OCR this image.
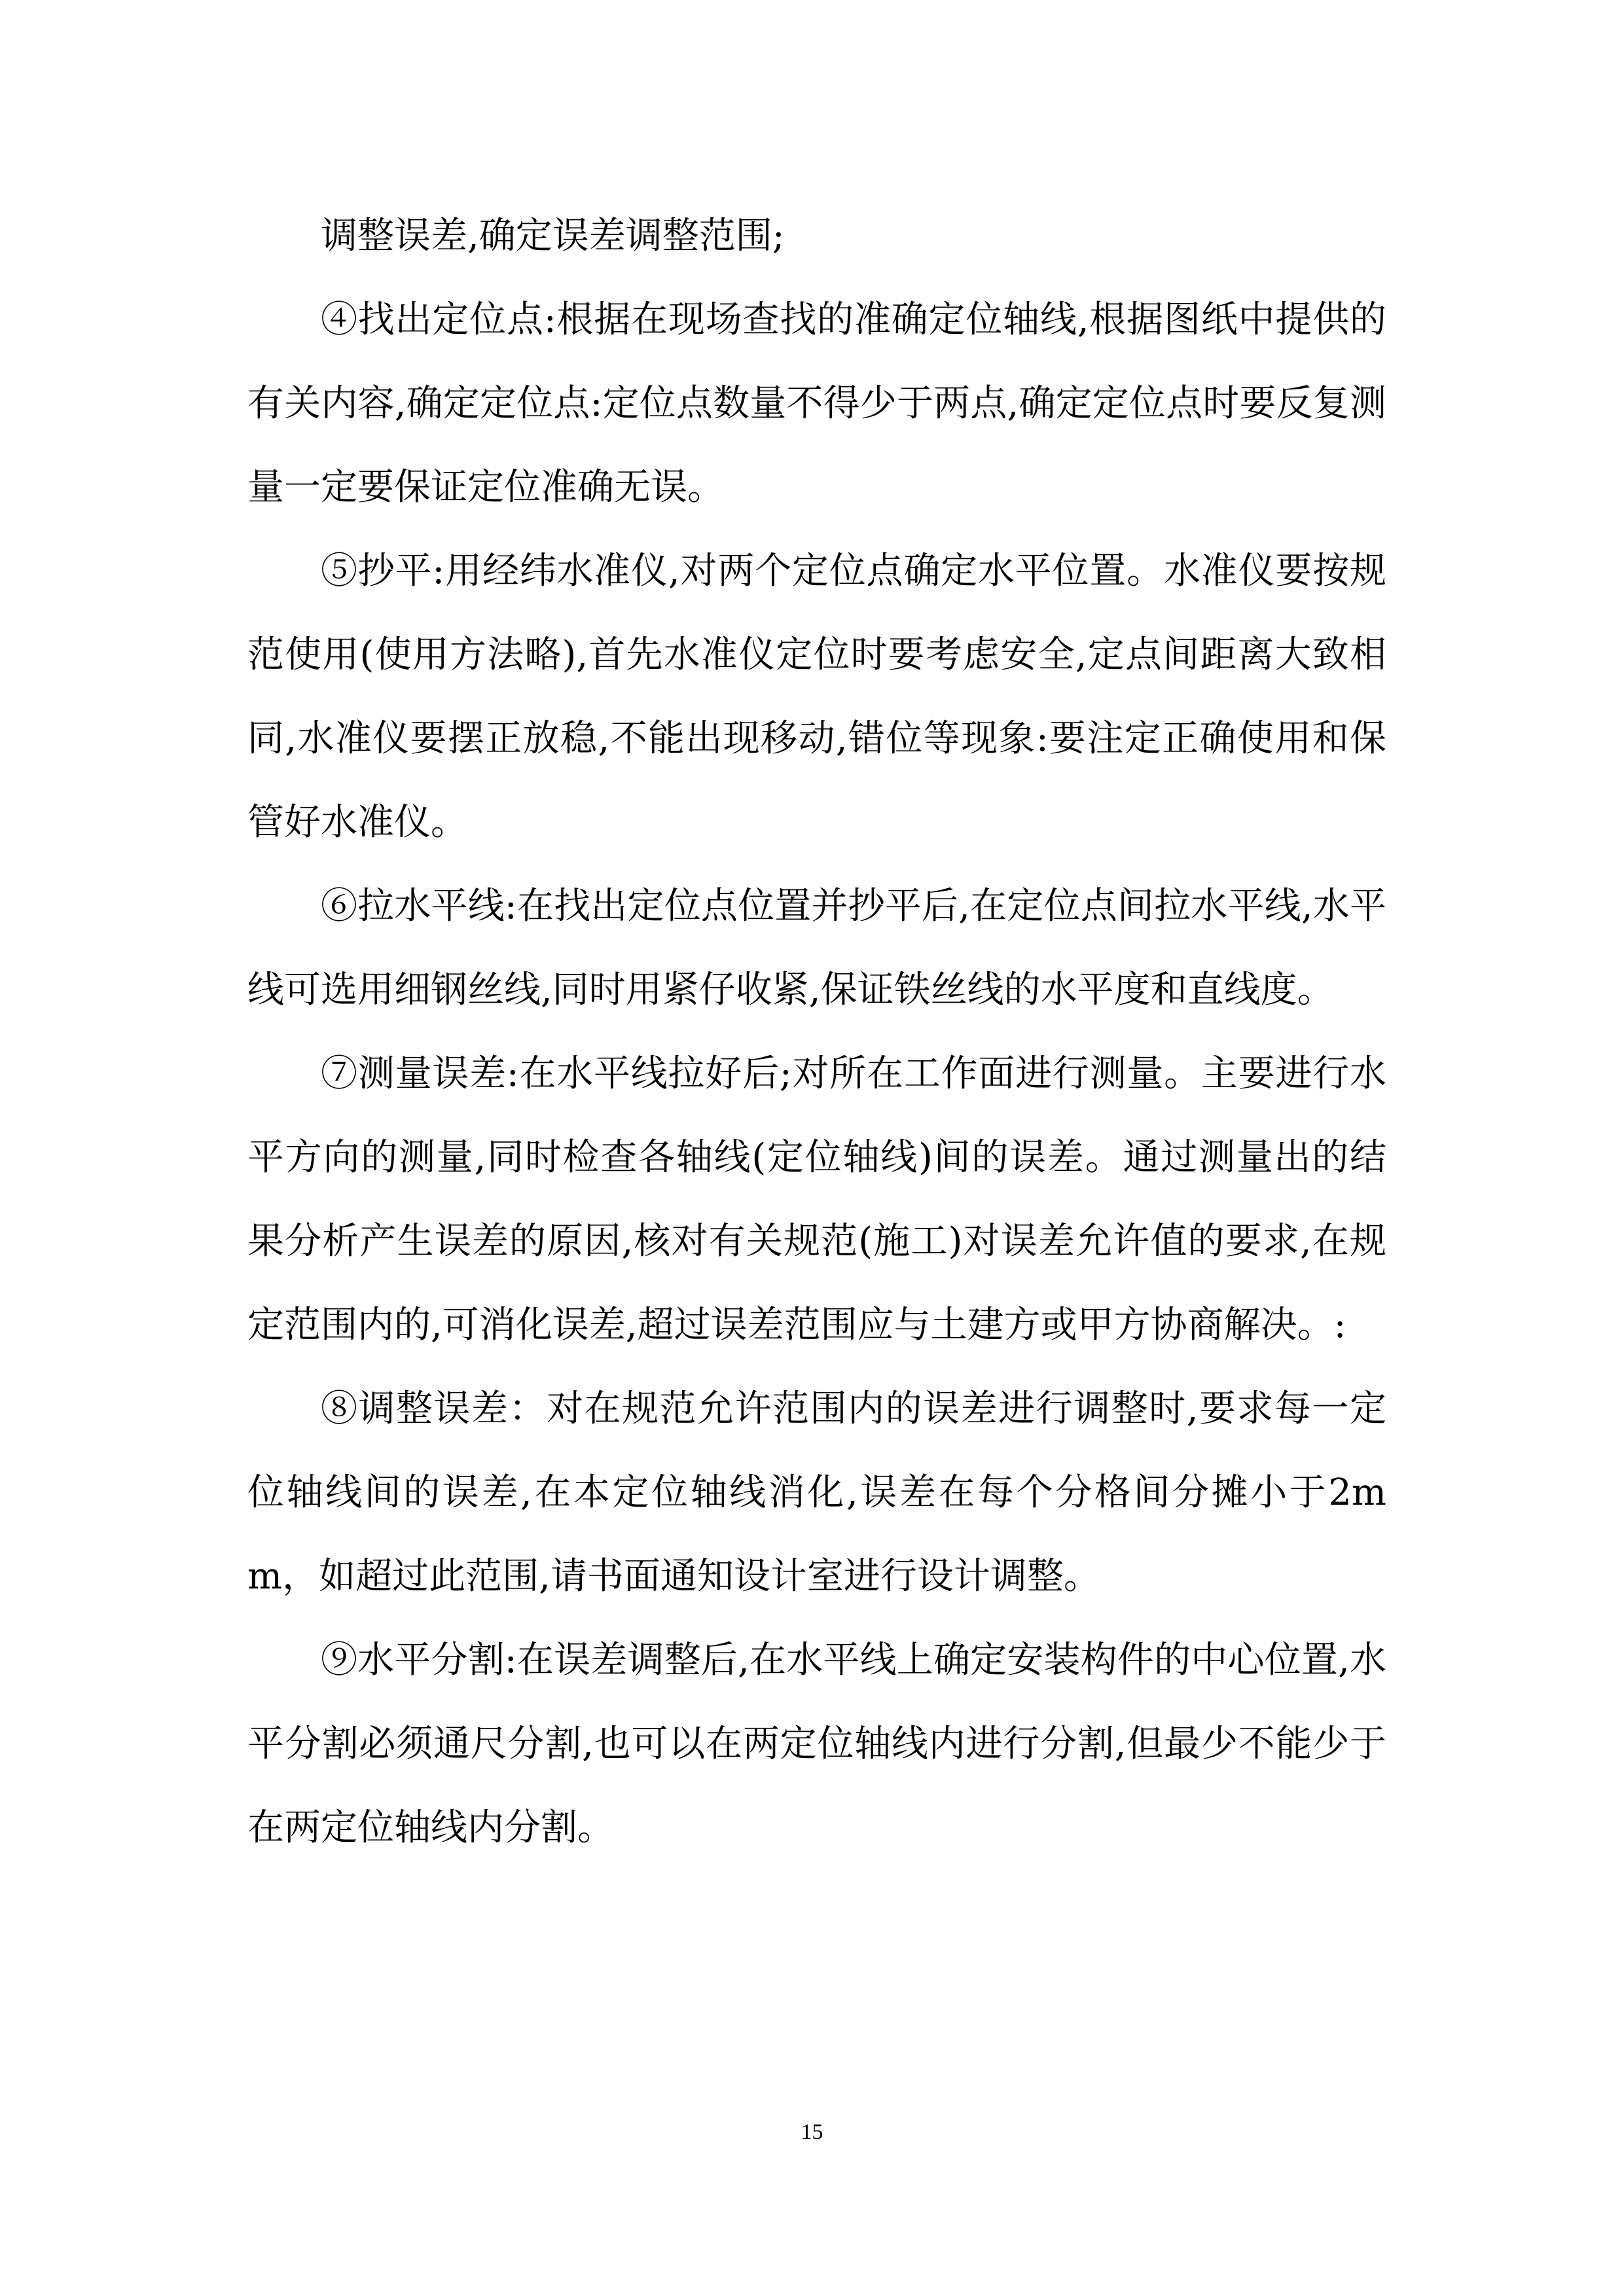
调整误差,确定误差调整范围;

④找出定位点:根据在现场查找的准确定位轴线,根据图纸中提供的有关内容,确定定位点:定位点数量不得少于两点,确定定位点时要反复测量一定要保证定位准确无误。

⑤抄平:用经纬水准仪,对两个定位点确定水平位置。水准仪要按规范使用(使用方法略),首先水准仪定位时要考虑安全,定点间距离大致相同,水准仪要摆正放稳,不能出现移动,错位等现象:要注定正确使用和保管好水准仪。

⑥拉水平线:在找出定位点位置并抄平后,在定位点间拉水平线,水平线可选用细钢丝线,同时用紧仔收紧,保证铁丝线的水平度和直线度。

⑦测量误差:在水平线拉好后;对所在工作面进行测量。主要进行水平方向的测量,同时检查各轴线(定位轴线)间的误差。通过测量出的结果分析产生误差的原因,核对有关规范(施工)对误差允许值的要求,在规定范围内的,可消化误差,超过误差范围应与土建方或甲方协商解决。:

⑧调整误差：对在规范允许范围内的误差进行调整时,要求每一定位轴线间的误差,在本定位轴线消化,误差在每个分格间分摊小于2mm，如超过此范围,请书面通知设计室进行设计调整。

⑨水平分割:在误差调整后,在水平线上确定安装构件的中心位置,水平分割必须通尺分割,也可以在两定位轴线内进行分割,但最少不能少于在两定位轴线内分割。

15
